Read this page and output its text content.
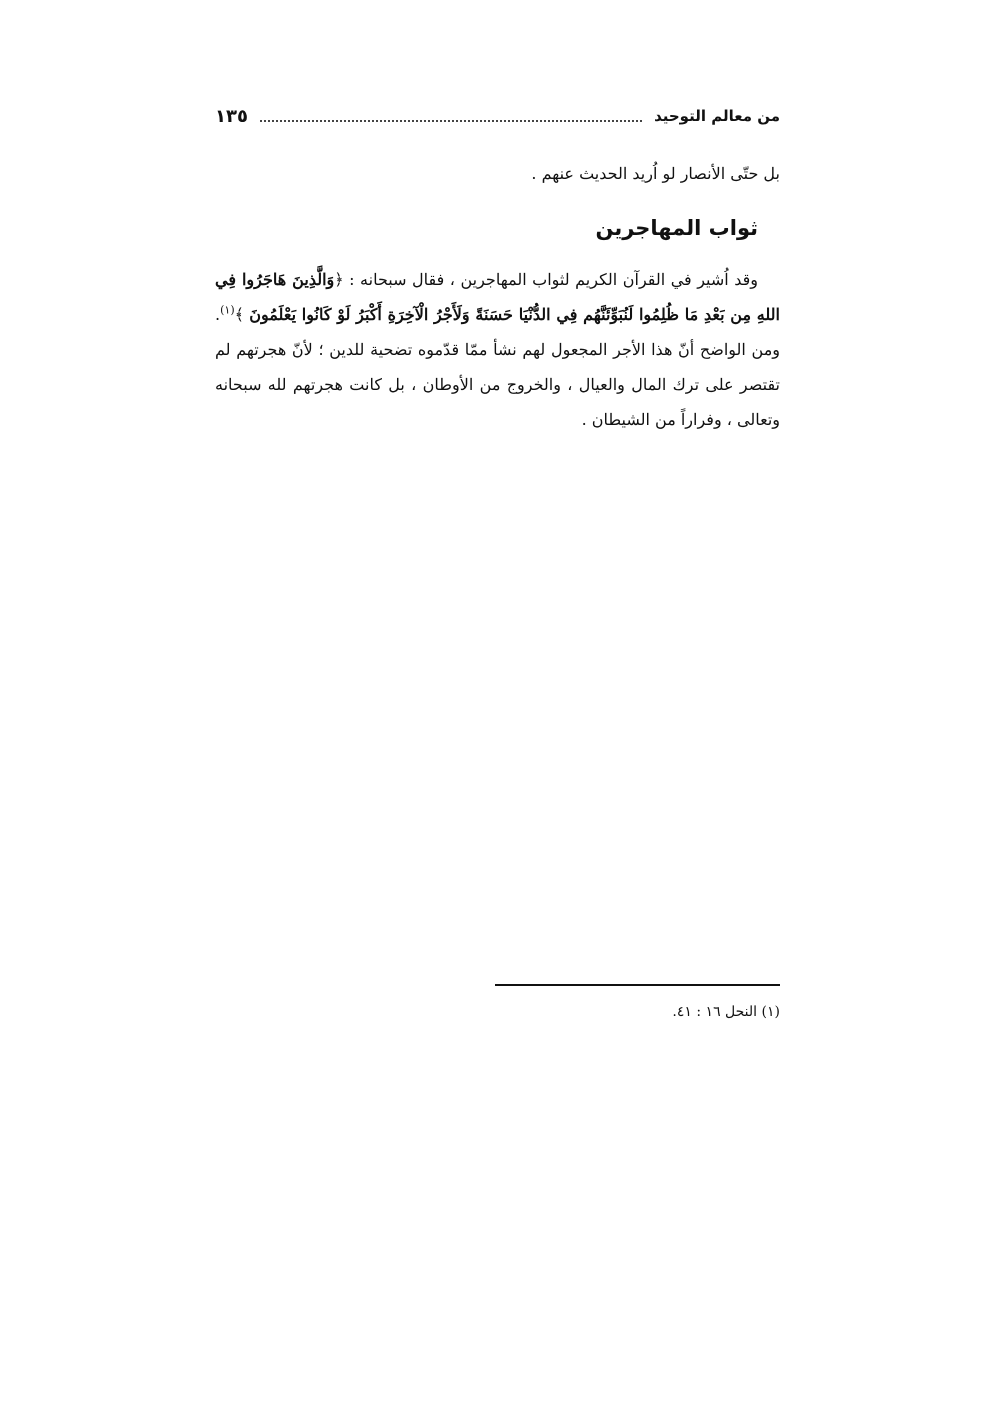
من معالم التوحيد
١٣٥

بل حتّى الأنصار لو اُريد الحديث عنهم .

ثواب المهاجرين

وقد اُشير في القرآن الكريم لثواب المهاجرين ، فقال سبحانه : ﴿وَالَّذِينَ هَاجَرُوا فِي اللهِ مِن بَعْدِ مَا ظُلِمُوا لَنُبَوِّئَنَّهُم فِي الدُّنْيَا حَسَنَةً وَلَأَجْرُ الْآخِرَةِ أَكْبَرُ لَوْ كَانُوا يَعْلَمُونَ ﴾$^{(١)}$. ومن الواضح أنّ هذا الأجر المجعول لهم نشأ ممّا قدّموه تضحية للدين ؛ لأنّ هجرتهم لم تقتصر على ترك المال والعيال ، والخروج من الأوطان ، بل كانت هجرتهم لله سبحانه وتعالى ، وفراراً من الشيطان .

(١) النحل ١٦ : ٤١.
